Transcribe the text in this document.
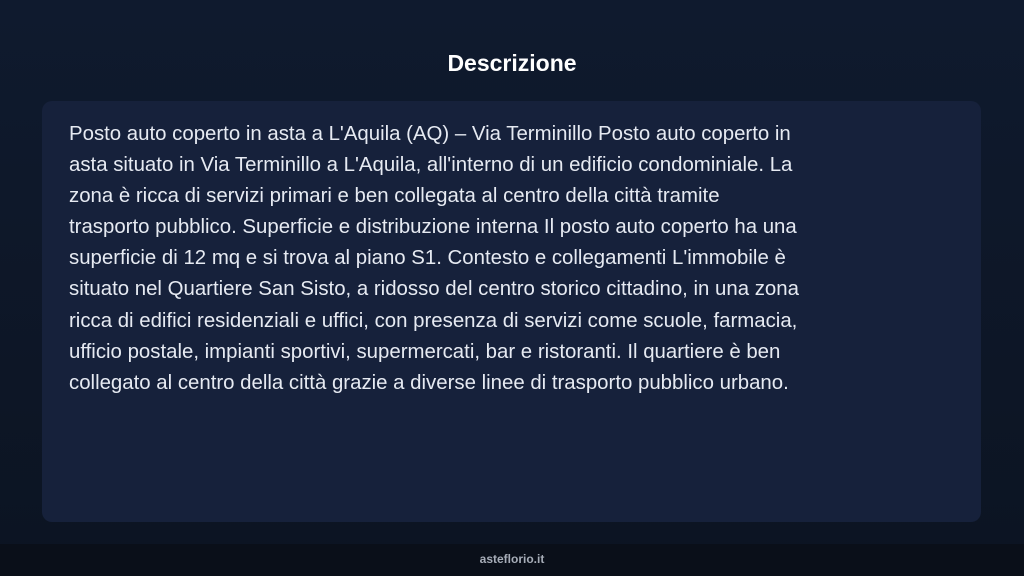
Descrizione
Posto auto coperto in asta a L'Aquila (AQ) – Via Terminillo Posto auto coperto in
asta situato in Via Terminillo a L'Aquila, all'interno di un edificio condominiale. La
zona è ricca di servizi primari e ben collegata al centro della città tramite
trasporto pubblico. Superficie e distribuzione interna Il posto auto coperto ha una
superficie di 12 mq e si trova al piano S1. Contesto e collegamenti L'immobile è
situato nel Quartiere San Sisto, a ridosso del centro storico cittadino, in una zona
ricca di edifici residenziali e uffici, con presenza di servizi come scuole, farmacia,
ufficio postale, impianti sportivi, supermercati, bar e ristoranti. Il quartiere è ben
collegato al centro della città grazie a diverse linee di trasporto pubblico urbano.
asteflorio.it
